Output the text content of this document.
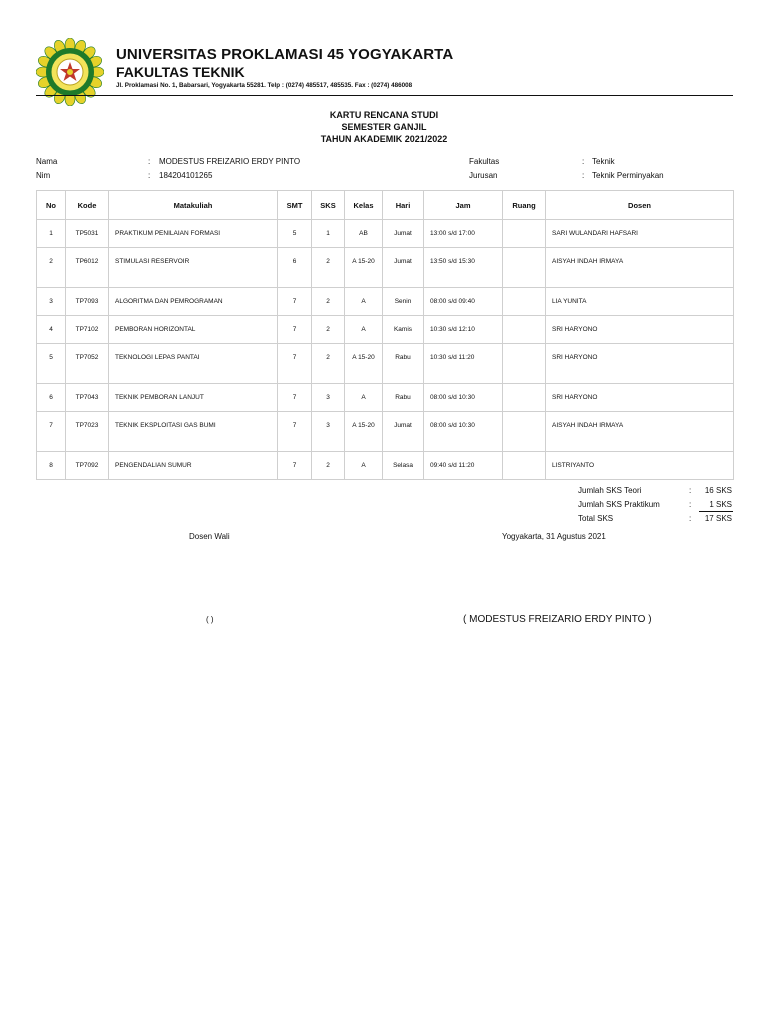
UNIVERSITAS PROKLAMASI 45 YOGYAKARTA
FAKULTAS TEKNIK
Jl. Proklamasi No. 1, Babarsari, Yogyakarta 55281. Telp : (0274) 485517, 485535. Fax : (0274) 486008
KARTU RENCANA STUDI
SEMESTER GANJIL
TAHUN AKADEMIK 2021/2022
Nama	: MODESTUS FREIZARIO ERDY PINTO
Nim	: 184204101265
Fakultas	: Teknik
Jurusan	: Teknik Perminyakan
No	Kode	Matakuliah	SMT	SKS	Kelas	Hari	Jam	Ruang	Dosen
1	TP5031	PRAKTIKUM PENILAIAN FORMASI	5	1	AB	Jumat	13:00 s/d 17:00		SARI WULANDARI HAFSARI
2	TP6012	STIMULASI RESERVOIR	6	2	A 15-20	Jumat	13:50 s/d 15:30		AISYAH INDAH IRMAYA
3	TP7093	ALGORITMA DAN PEMROGRAMAN	7	2	A	Senin	08:00 s/d 09:40		LIA YUNITA
4	TP7102	PEMBORAN HORIZONTAL	7	2	A	Kamis	10:30 s/d 12:10		SRI HARYONO
5	TP7052	TEKNOLOGI LEPAS PANTAI	7	2	A 15-20	Rabu	10:30 s/d 11:20		SRI HARYONO
6	TP7043	TEKNIK PEMBORAN LANJUT	7	3	A	Rabu	08:00 s/d 10:30		SRI HARYONO
7	TP7023	TEKNIK EKSPLOITASI GAS BUMI	7	3	A 15-20	Jumat	08:00 s/d 10:30		AISYAH INDAH IRMAYA
8	TP7092	PENGENDALIAN SUMUR	7	2	A	Selasa	09:40 s/d 11:20		LISTRIYANTO
Jumlah SKS Teori	: 16 SKS
Jumlah SKS Praktikum	: 1 SKS
Total SKS	: 17 SKS
Dosen Wali	Yogyakarta, 31 Agustus 2021
( )	( MODESTUS FREIZARIO ERDY PINTO )
